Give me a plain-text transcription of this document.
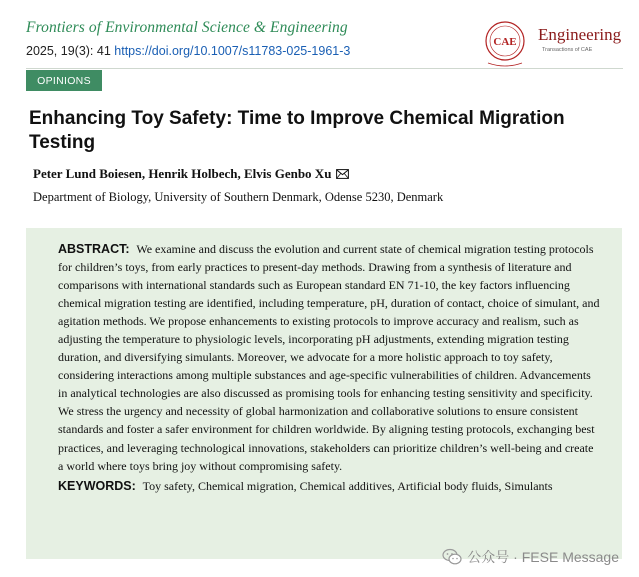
Frontiers of Environmental Science & Engineering
2025, 19(3): 41 https://doi.org/10.1007/s11783-025-1961-3
CAE Engineering
Transactions of CAE
OPINIONS
Enhancing Toy Safety: Time to Improve Chemical Migration Testing
Peter Lund Boiesen, Henrik Holbech, Elvis Genbo Xu
Department of Biology, University of Southern Denmark, Odense 5230, Denmark

ABSTRACT: We examine and discuss the evolution and current state of chemical migration testing protocols for children’s toys, from early practices to present-day methods. Drawing from a synthesis of literature and comparisons with international standards such as European standard EN 71-10, the key factors influencing chemical migration testing are identified, including temperature, pH, duration of contact, choice of simulant, and agitation methods. We propose enhancements to existing protocols to improve accuracy and realism, such as adjusting the temperature to physiologic levels, incorporating pH adjustments, extending migration testing duration, and diversifying simulants. Moreover, we advocate for a more holistic approach to toy safety, considering interactions among multiple substances and age-specific vulnerabilities of children. Advancements in analytical technologies are also discussed as promising tools for enhancing testing sensitivity and specificity. We stress the urgency and necessity of global harmonization and collaborative solutions to ensure consistent standards and foster a safer environment for children worldwide. By aligning testing protocols, exchanging best practices, and leveraging technological innovations, stakeholders can prioritize children’s well-being and create a world where toys bring joy without compromising safety.

KEYWORDS: Toy safety, Chemical migration, Chemical additives, Artificial body fluids, Simulants

公众号 · FESE Message
